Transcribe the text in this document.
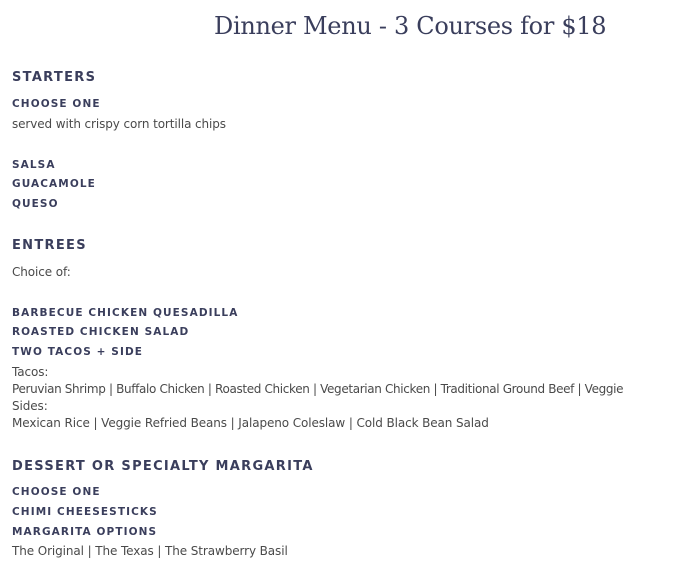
Dinner Menu - 3 Courses for $18
STARTERS
CHOOSE ONE
served with crispy corn tortilla chips
SALSA
GUACAMOLE
QUESO
ENTREES
Choice of:
BARBECUE CHICKEN QUESADILLA
ROASTED CHICKEN SALAD
TWO TACOS + SIDE
Tacos:
Peruvian Shrimp | Buffalo Chicken | Roasted Chicken | Vegetarian Chicken | Traditional Ground Beef | Veggie
Sides:
Mexican Rice | Veggie Refried Beans | Jalapeno Coleslaw | Cold Black Bean Salad
DESSERT OR SPECIALTY MARGARITA
CHOOSE ONE
CHIMI CHEESESTICKS
MARGARITA OPTIONS
The Original | The Texas | The Strawberry Basil
